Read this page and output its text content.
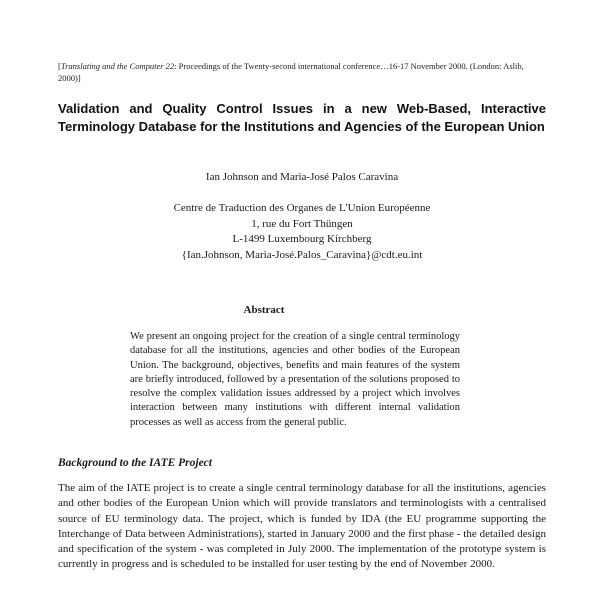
[Translating and the Computer 22: Proceedings of the Twenty-second international conference…16-17 November 2000. (London: Aslib, 2000)]
Validation and Quality Control Issues in a new Web-Based, Interactive Terminology Database for the Institutions and Agencies of the European Union
Ian Johnson and Maria-José Palos Caravina
Centre de Traduction des Organes de L'Union Européenne
1, rue du Fort Thüngen
L-1499 Luxembourg Kirchberg
{Ian.Johnson, Maria-José.Palos_Caravina}@cdt.eu.int
Abstract

We present an ongoing project for the creation of a single central terminology database for all the institutions, agencies and other bodies of the European Union. The background, objectives, benefits and main features of the system are briefly introduced, followed by a presentation of the solutions proposed to resolve the complex validation issues addressed by a project which involves interaction between many institutions with different internal validation processes as well as access from the general public.

Background to the IATE Project

The aim of the IATE project is to create a single central terminology database for all the institutions, agencies and other bodies of the European Union which will provide translators and terminologists with a centralised source of EU terminology data. The project, which is funded by IDA (the EU programme supporting the Interchange of Data between Administrations), started in January 2000 and the first phase - the detailed design and specification of the system - was completed in July 2000. The implementation of the prototype system is currently in progress and is scheduled to be installed for user testing by the end of November 2000.
